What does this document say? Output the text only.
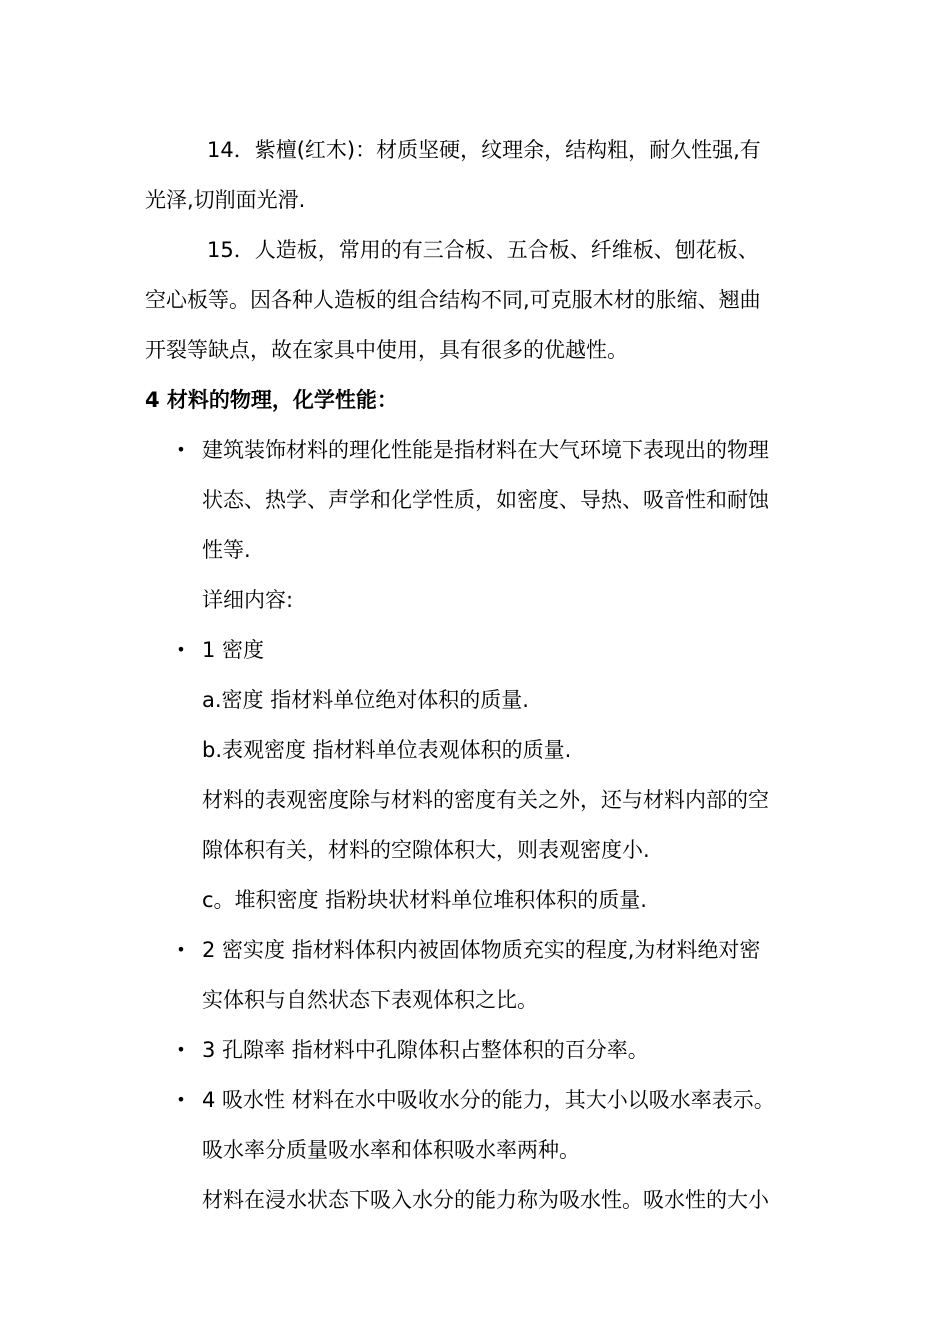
14．紫檀(红木)：材质坚硬，纹理余，结构粗，耐久性强,有
光泽,切削面光滑.
15．人造板，常用的有三合板、五合板、纤维板、刨花板、
空心板等。因各种人造板的组合结构不同,可克服木材的胀缩、翘曲
开裂等缺点，故在家具中使用，具有很多的优越性。
4 材料的物理，化学性能：
• 建筑装饰材料的理化性能是指材料在大气环境下表现出的物理
状态、热学、声学和化学性质，如密度、导热、吸音性和耐蚀
性等.
详细内容:
• 1 密度
a.密度 指材料单位绝对体积的质量.
b.表观密度 指材料单位表观体积的质量.
材料的表观密度除与材料的密度有关之外，还与材料内部的空
隙体积有关，材料的空隙体积大，则表观密度小.
c。堆积密度 指粉块状材料单位堆积体积的质量.
• 2 密实度 指材料体积内被固体物质充实的程度,为材料绝对密
实体积与自然状态下表观体积之比。
• 3 孔隙率 指材料中孔隙体积占整体积的百分率。
• 4 吸水性 材料在水中吸收水分的能力，其大小以吸水率表示。
吸水率分质量吸水率和体积吸水率两种。
材料在浸水状态下吸入水分的能力称为吸水性。吸水性的大小
